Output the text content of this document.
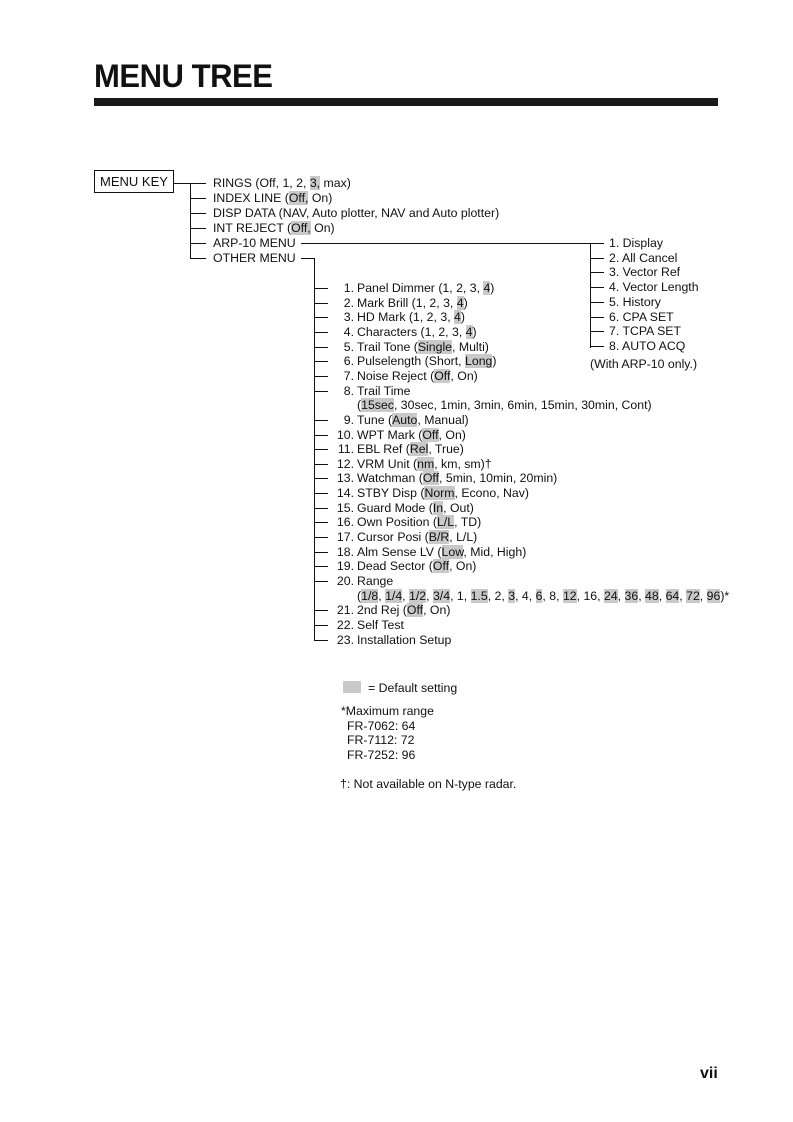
MENU TREE
MENU KEY	RINGS (Off, 1, 2, 3, max)
INDEX LINE (Off, On)
DISP DATA (NAV, Auto plotter, NAV and Auto plotter)
INT REJECT (Off, On)
ARP-10 MENU
OTHER MENU
1. Display
2. All Cancel
3. Vector Ref
4. Vector Length
5. History
6. CPA SET
7. TCPA SET
8. AUTO ACQ
(With ARP-10 only.)
1. Panel Dimmer (1, 2, 3, 4)
2. Mark Brill (1, 2, 3, 4)
3. HD Mark (1, 2, 3, 4)
4. Characters (1, 2, 3, 4)
5. Trail Tone (Single, Multi)
6. Pulselength (Short, Long)
7. Noise Reject (Off, On)
8. Trail Time
(15sec, 30sec, 1min, 3min, 6min, 15min, 30min, Cont)
9. Tune (Auto, Manual)
10. WPT Mark (Off, On)
11. EBL Ref (Rel, True)
12. VRM Unit (nm, km, sm)†
13. Watchman (Off, 5min, 10min, 20min)
14. STBY Disp (Norm, Econo, Nav)
15. Guard Mode (In, Out)
16. Own Position (L/L, TD)
17. Cursor Posi (B/R, L/L)
18. Alm Sense LV (Low, Mid, High)
19. Dead Sector (Off, On)
20. Range
(1/8, 1/4, 1/2, 3/4, 1, 1.5, 2, 3, 4, 6, 8, 12, 16, 24, 36, 48, 64, 72, 96)*
21. 2nd Rej (Off, On)
22. Self Test
23. Installation Setup
= Default setting
*Maximum range
FR-7062: 64
FR-7112: 72
FR-7252: 96
†: Not available on N-type radar.
vii
